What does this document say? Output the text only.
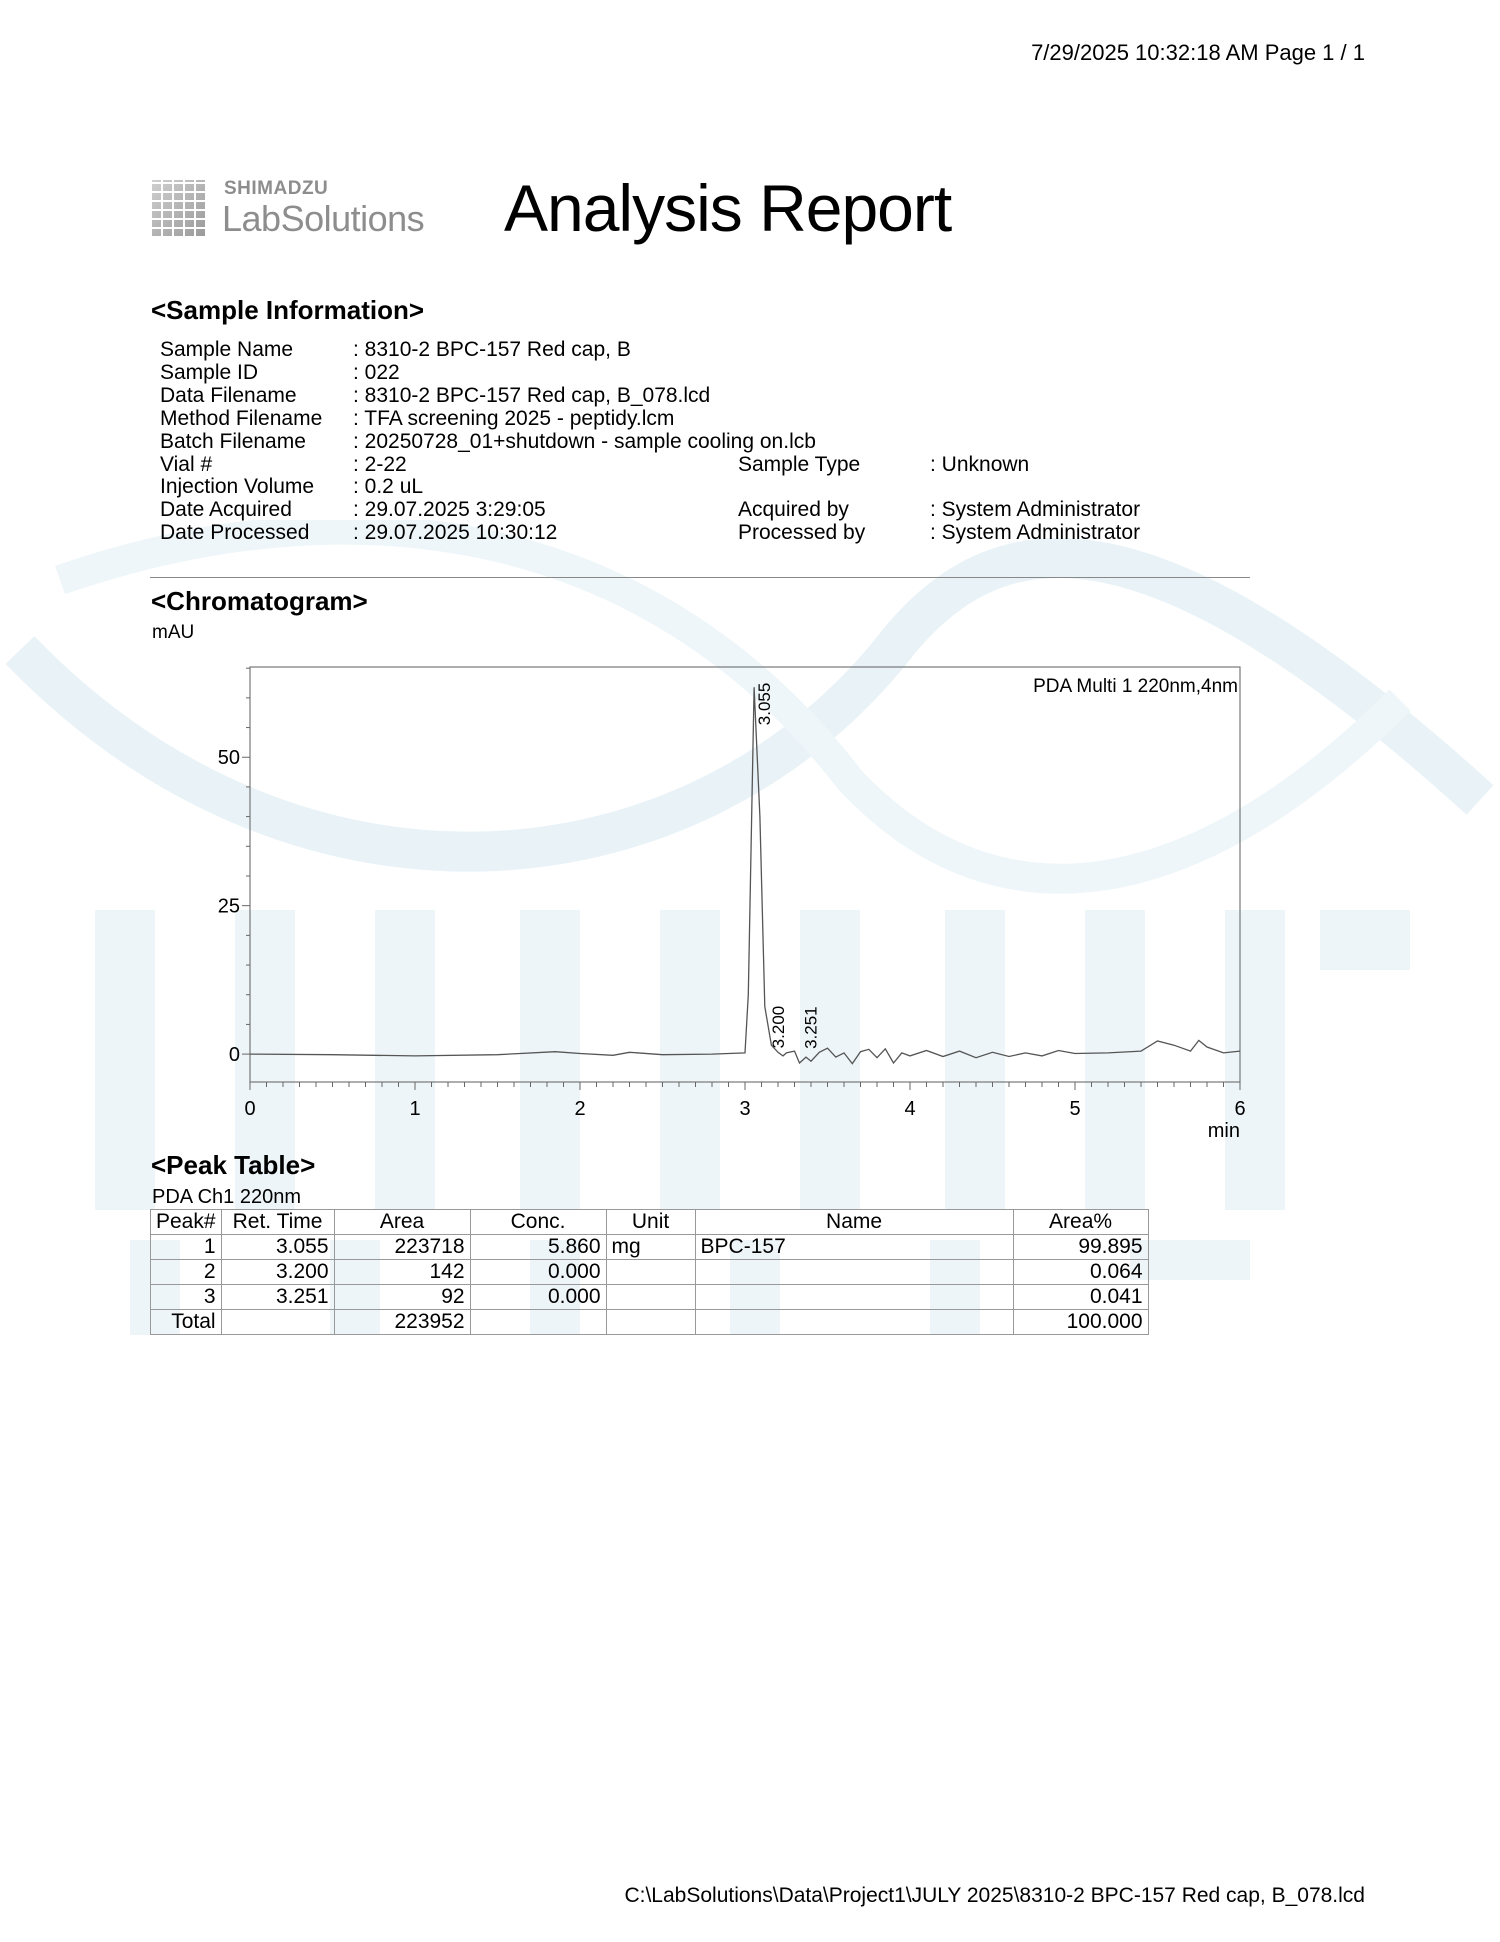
7/29/2025 10:32:18 AM Page 1 / 1
SHIMADZU
LabSolutions Analysis Report
<Sample Information>
Sample Name	: 8310-2 BPC-157 Red cap, B
Sample ID	: 022
Data Filename	: 8310-2 BPC-157 Red cap, B_078.lcd
Method Filename : TFA screening 2025 - peptidy.lcm
Batch Filename : 20250728_01+shutdown - sample cooling on.lcb
Vial #	: 2-22	Sample Type	: Unknown
Injection Volume : 0.2 uL
Date Acquired	: 29.07.2025 3:29:05	Acquired by	: System Administrator
Date Processed : 29.07.2025 10:30:12	Processed by	: System Administrator
<Chromatogram>
mAU
0	1	2	3	4	5	6
min
0
25
50
PDA Multi 1 220nm,4nm
3.055
3.200 3.251
<Peak Table>
PDA Ch1 220nm
Peak#	Ret. Time	Area	Conc.	Unit	Name	Area%
1	3.055	223718	5.860	mg	BPC-157	99.895
2	3.200	142	0.000			0.064
3	3.251	92	0.000			0.041
Total		223952				100.000
C:\LabSolutions\Data\Project1\JULY 2025\8310-2 BPC-157 Red cap, B_078.lcd
